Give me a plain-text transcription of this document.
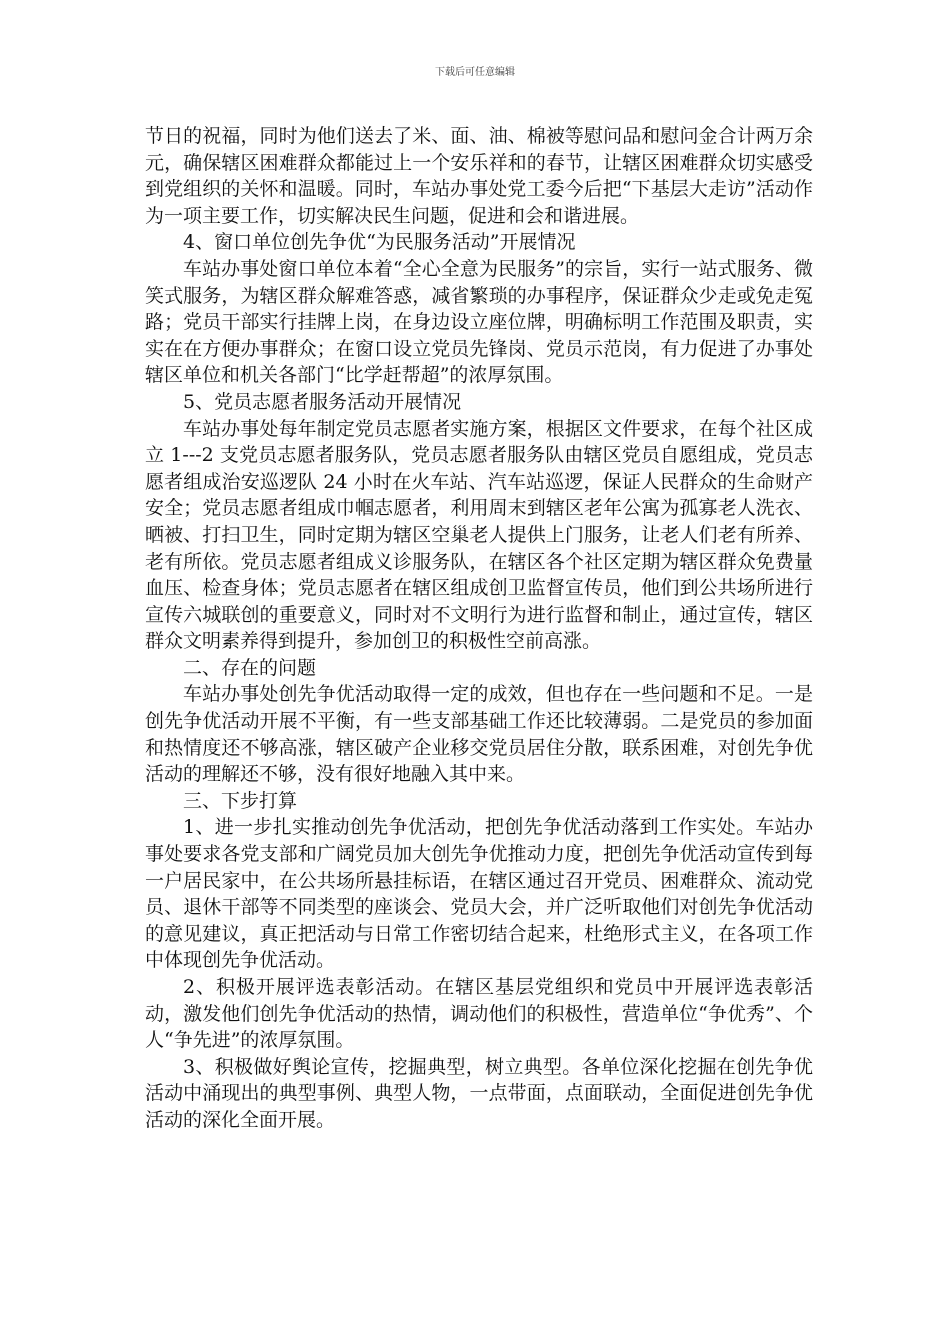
下载后可任意编辑

节日的祝福，同时为他们送去了米、面、油、棉被等慰问品和慰问金合计两万余元，确保辖区困难群众都能过上一个安乐祥和的春节，让辖区困难群众切实感受到党组织的关怀和温暖。同时，车站办事处党工委今后把“下基层大走访”活动作为一项主要工作，切实解决民生问题，促进和会和谐进展。

4、窗口单位创先争优“为民服务活动”开展情况

车站办事处窗口单位本着“全心全意为民服务”的宗旨，实行一站式服务、微笑式服务，为辖区群众解难答惑，减省繁琐的办事程序，保证群众少走或免走冤路；党员干部实行挂牌上岗，在身边设立座位牌，明确标明工作范围及职责，实实在在方便办事群众；在窗口设立党员先锋岗、党员示范岗，有力促进了办事处辖区单位和机关各部门“比学赶帮超”的浓厚氛围。

5、党员志愿者服务活动开展情况

车站办事处每年制定党员志愿者实施方案，根据区文件要求，在每个社区成立 1---2 支党员志愿者服务队，党员志愿者服务队由辖区党员自愿组成，党员志愿者组成治安巡逻队 24 小时在火车站、汽车站巡逻，保证人民群众的生命财产安全；党员志愿者组成巾帼志愿者，利用周末到辖区老年公寓为孤寡老人洗衣、晒被、打扫卫生，同时定期为辖区空巢老人提供上门服务，让老人们老有所养、老有所依。党员志愿者组成义诊服务队，在辖区各个社区定期为辖区群众免费量血压、检查身体；党员志愿者在辖区组成创卫监督宣传员，他们到公共场所进行宣传六城联创的重要意义，同时对不文明行为进行监督和制止，通过宣传，辖区群众文明素养得到提升，参加创卫的积极性空前高涨。

二、存在的问题

车站办事处创先争优活动取得一定的成效，但也存在一些问题和不足。一是创先争优活动开展不平衡，有一些支部基础工作还比较薄弱。二是党员的参加面和热情度还不够高涨，辖区破产企业移交党员居住分散，联系困难，对创先争优活动的理解还不够，没有很好地融入其中来。

三、下步打算

1、进一步扎实推动创先争优活动，把创先争优活动落到工作实处。车站办事处要求各党支部和广阔党员加大创先争优推动力度，把创先争优活动宣传到每一户居民家中，在公共场所悬挂标语，在辖区通过召开党员、困难群众、流动党员、退休干部等不同类型的座谈会、党员大会，并广泛听取他们对创先争优活动的意见建议，真正把活动与日常工作密切结合起来，杜绝形式主义，在各项工作中体现创先争优活动。

2、积极开展评选表彰活动。在辖区基层党组织和党员中开展评选表彰活动，激发他们创先争优活动的热情，调动他们的积极性，营造单位“争优秀”、个人“争先进”的浓厚氛围。

3、积极做好舆论宣传，挖掘典型，树立典型。各单位深化挖掘在创先争优活动中涌现出的典型事例、典型人物，一点带面，点面联动，全面促进创先争优活动的深化全面开展。
